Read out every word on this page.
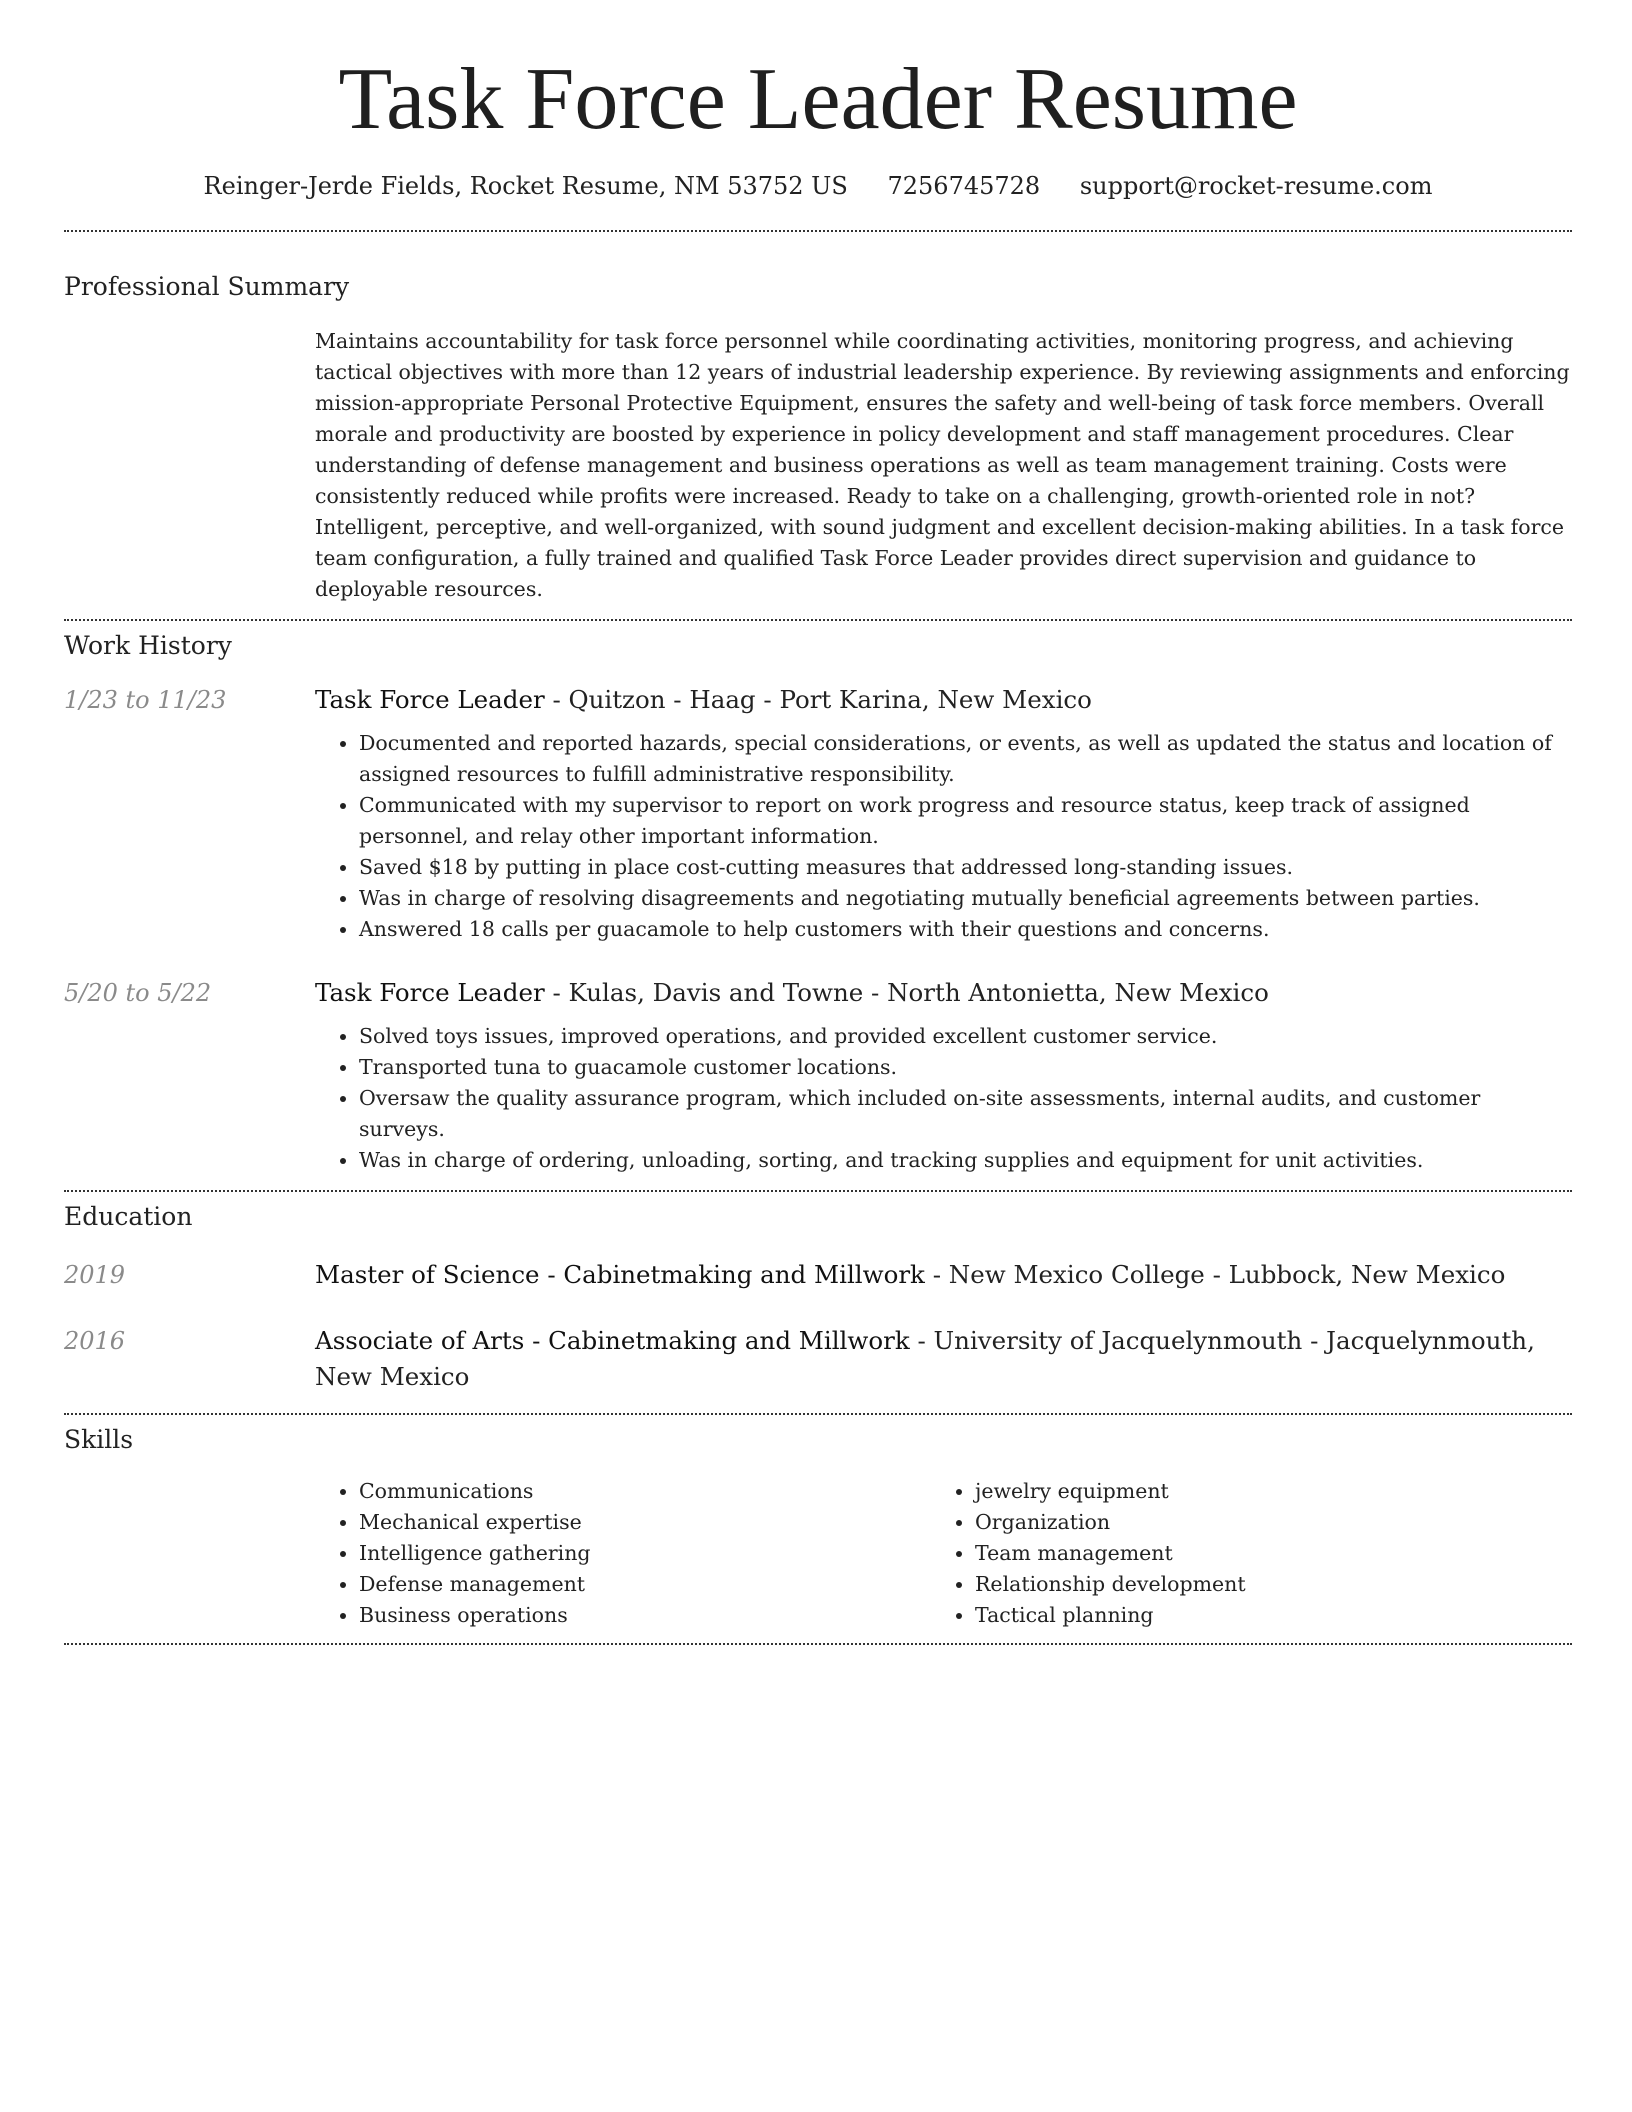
Task Force Leader Resume
Reinger-Jerde Fields, Rocket Resume, NM 53752 US 7256745728 support@rocket-resume.com
Professional Summary
Maintains accountability for task force personnel while coordinating activities, monitoring progress, and achieving tactical objectives with more than 12 years of industrial leadership experience. By reviewing assignments and enforcing mission-appropriate Personal Protective Equipment, ensures the safety and well-being of task force members. Overall morale and productivity are boosted by experience in policy development and staff management procedures. Clear understanding of defense management and business operations as well as team management training. Costs were consistently reduced while profits were increased. Ready to take on a challenging, growth-oriented role in not? Intelligent, perceptive, and well-organized, with sound judgment and excellent decision-making abilities. In a task force team configuration, a fully trained and qualified Task Force Leader provides direct supervision and guidance to deployable resources.
Work History
1/23 to 11/23	Task Force Leader - Quitzon - Haag - Port Karina, New Mexico
• Documented and reported hazards, special considerations, or events, as well as updated the status and location of assigned resources to fulfill administrative responsibility.
• Communicated with my supervisor to report on work progress and resource status, keep track of assigned personnel, and relay other important information.
• Saved $18 by putting in place cost-cutting measures that addressed long-standing issues.
• Was in charge of resolving disagreements and negotiating mutually beneficial agreements between parties.
• Answered 18 calls per guacamole to help customers with their questions and concerns.
5/20 to 5/22	Task Force Leader - Kulas, Davis and Towne - North Antonietta, New Mexico
• Solved toys issues, improved operations, and provided excellent customer service.
• Transported tuna to guacamole customer locations.
• Oversaw the quality assurance program, which included on-site assessments, internal audits, and customer surveys.
• Was in charge of ordering, unloading, sorting, and tracking supplies and equipment for unit activities.
Education
2019	Master of Science - Cabinetmaking and Millwork - New Mexico College - Lubbock, New Mexico
2016	Associate of Arts - Cabinetmaking and Millwork - University of Jacquelynmouth - Jacquelynmouth, New Mexico
Skills
• Communications
• Mechanical expertise
• Intelligence gathering
• Defense management
• Business operations
• jewelry equipment
• Organization
• Team management
• Relationship development
• Tactical planning
